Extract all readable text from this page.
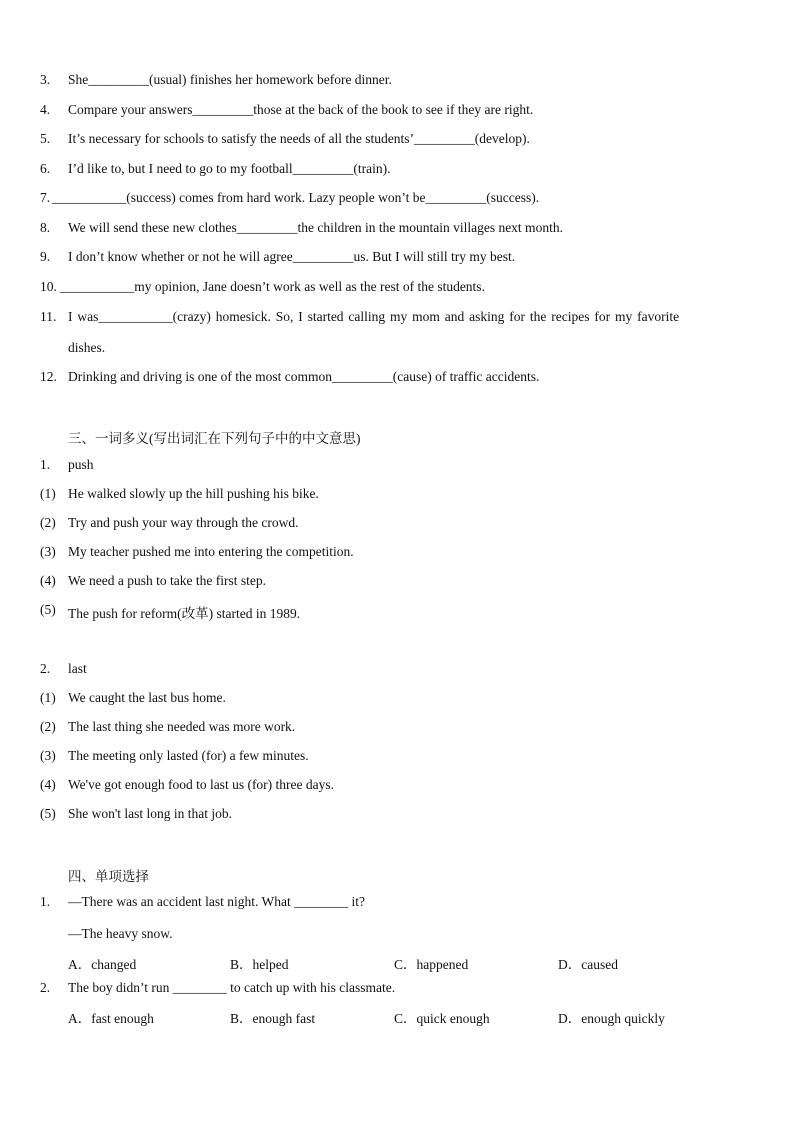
3. She_________(usual) finishes her homework before dinner.
4. Compare your answers_________those at the back of the book to see if they are right.
5. It’s necessary for schools to satisfy the needs of all the students’_________(develop).
6. I’d like to, but I need to go to my football_________(train).
7. ___________(success) comes from hard work. Lazy people won’t be_________(success).
8. We will send these new clothes_________the children in the mountain villages next month.
9. I don’t know whether or not he will agree_________us. But I will still try my best.
10. ___________my opinion, Jane doesn’t work as well as the rest of the students.
11. I was___________(crazy) homesick. So, I started calling my mom and asking for the recipes for my favorite
dishes.
12. Drinking and driving is one of the most common_________(cause) of traffic accidents.
三、一词多义(写出词汇在下列句子中的中文意思)
1. push
(1) He walked slowly up the hill pushing his bike.
(2) Try and push your way through the crowd.
(3) My teacher pushed me into entering the competition.
(4) We need a push to take the first step.
(5) The push for reform(改革) started in 1989.
2. last
(1) We caught the last bus home.
(2) The last thing she needed was more work.
(3) The meeting only lasted (for) a few minutes.
(4) We've got enough food to last us (for) three days.
(5) She won't last long in that job.
四、单项选择
1. —There was an accident last night. What ________ it?
—The heavy snow.
A．changed	B．helped	C．happened	D．caused
2. The boy didn’t run ________ to catch up with his classmate.
A．fast enough	B．enough fast	C．quick enough	D．enough quickly
